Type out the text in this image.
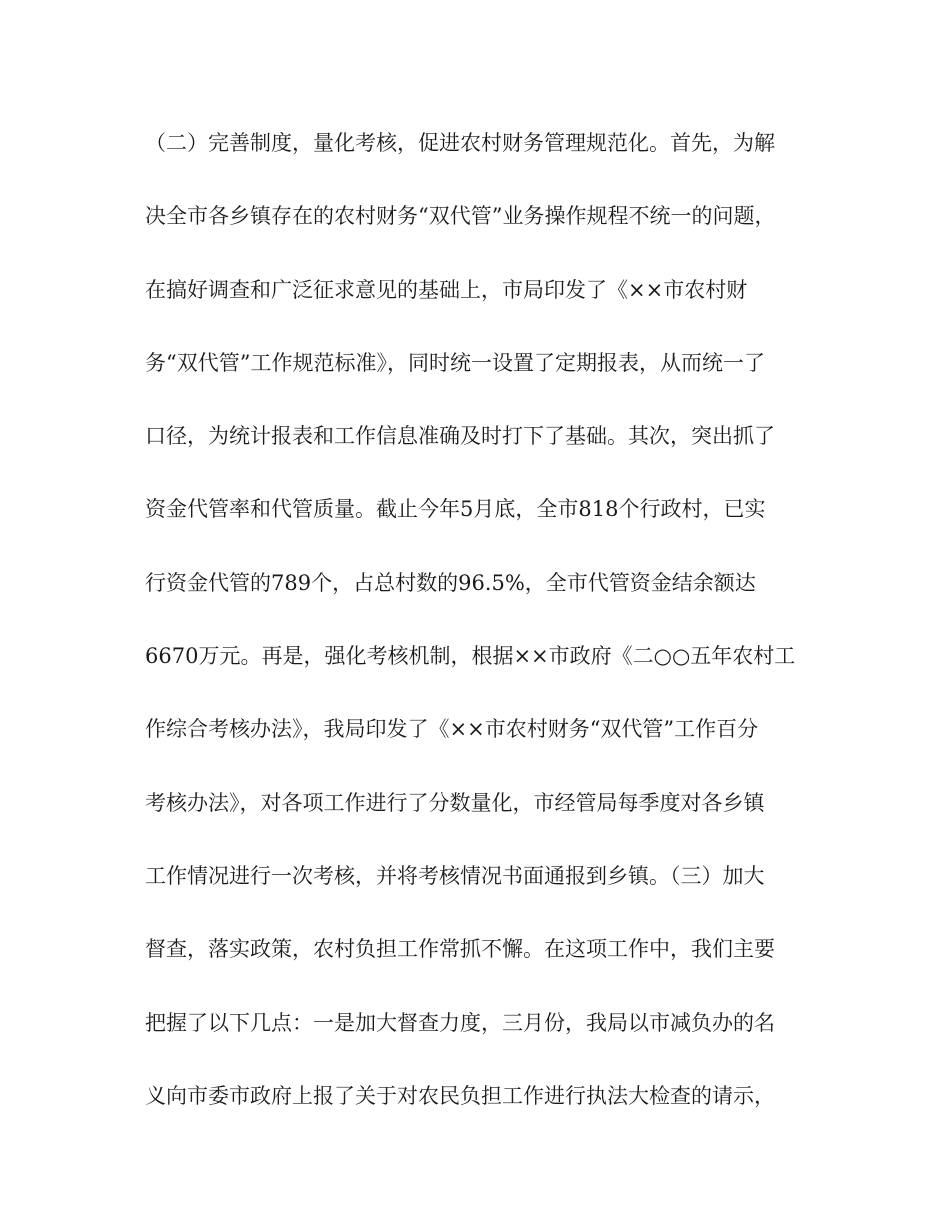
（二）完善制度，量化考核，促进农村财务管理规范化。首先，为解
决全市各乡镇存在的农村财务“双代管”业务操作规程不统一的问题，
在搞好调查和广泛征求意见的基础上，市局印发了《××市农村财
务“双代管”工作规范标准》，同时统一设置了定期报表，从而统一了
口径，为统计报表和工作信息准确及时打下了基础。其次，突出抓了
资金代管率和代管质量。截止今年5月底，全市818个行政村，已实
行资金代管的789个，占总村数的96.5%，全市代管资金结余额达
6670万元。再是，强化考核机制，根据××市政府《二○○五年农村工
作综合考核办法》，我局印发了《××市农村财务“双代管”工作百分
考核办法》，对各项工作进行了分数量化，市经管局每季度对各乡镇
工作情况进行一次考核，并将考核情况书面通报到乡镇。（三）加大
督查，落实政策，农村负担工作常抓不懈。在这项工作中，我们主要
把握了以下几点：一是加大督查力度，三月份，我局以市减负办的名
义向市委市政府上报了关于对农民负担工作进行执法大检查的请示，
